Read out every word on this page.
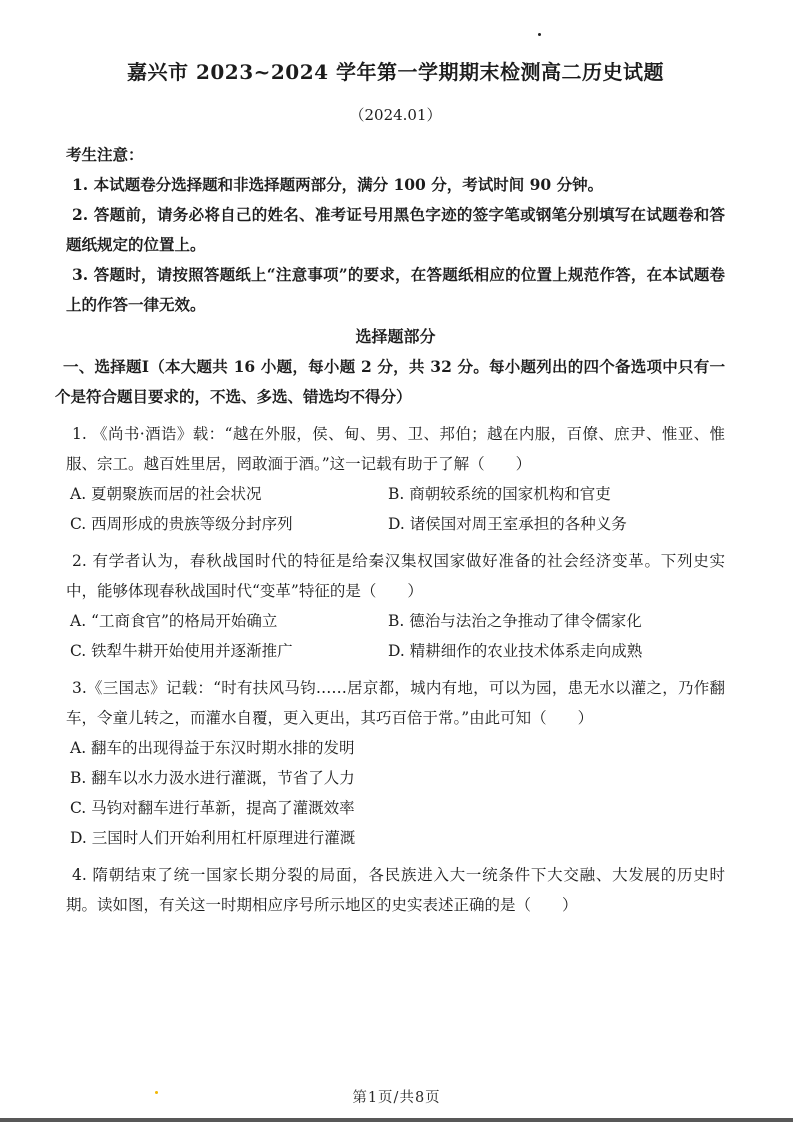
嘉兴市 2023~2024 学年第一学期期末检测高二历史试题
（2024.01）
考生注意：

1. 本试题卷分选择题和非选择题两部分，满分 100 分，考试时间 90 分钟。

2. 答题前，请务必将自己的姓名、准考证号用黑色字迹的签字笔或钢笔分别填写在试题卷和答题纸规定的位置上。

3. 答题时，请按照答题纸上“注意事项”的要求，在答题纸相应的位置上规范作答，在本试题卷上的作答一律无效。

选择题部分

一、选择题Ⅰ（本大题共 16 小题，每小题 2 分，共 32 分。每小题列出的四个备选项中只有一个是符合题目要求的，不选、多选、错选均不得分）

1. 《尚书·酒诰》载：“越在外服，侯、甸、男、卫、邦伯；越在内服，百僚、庶尹、惟亚、惟服、宗工。越百姓里居，罔敢湎于酒。”这一记载有助于了解（　　）

A. 夏朝聚族而居的社会状况	B. 商朝较系统的国家机构和官吏
C. 西周形成的贵族等级分封序列	D. 诸侯国对周王室承担的各种义务

2. 有学者认为，春秋战国时代的特征是给秦汉集权国家做好准备的社会经济变革。下列史实中，能够体现春秋战国时代“变革”特征的是（　　）

A. “工商食官”的格局开始确立	B. 德治与法治之争推动了律令儒家化
C. 铁犁牛耕开始使用并逐渐推广	D. 精耕细作的农业技术体系走向成熟

3.《三国志》记载：“时有扶风马钧……居京都，城内有地，可以为园，患无水以灌之，乃作翻车，令童儿转之，而灌水自覆，更入更出，其巧百倍于常。”由此可知（　　）

A. 翻车的出现得益于东汉时期水排的发明

B. 翻车以水力汲水进行灌溉，节省了人力

C. 马钧对翻车进行革新，提高了灌溉效率

D. 三国时人们开始利用杠杆原理进行灌溉

4. 隋朝结束了统一国家长期分裂的局面，各民族进入大一统条件下大交融、大发展的历史时期。读如图，有关这一时期相应序号所示地区的史实表述正确的是（　　）

第1页/共8页
